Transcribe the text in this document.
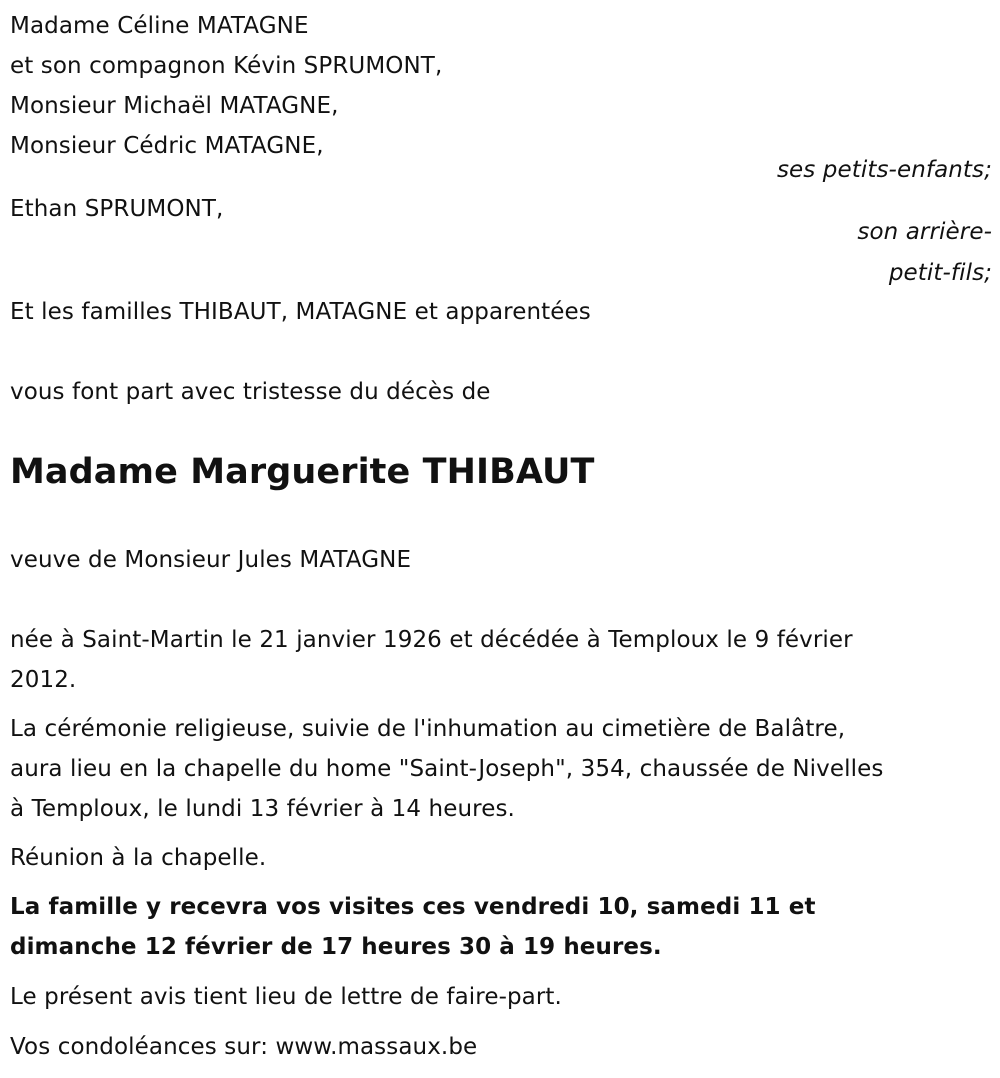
Madame Céline MATAGNE
et son compagnon Kévin SPRUMONT,
Monsieur Michaël MATAGNE,
Monsieur Cédric MATAGNE,
ses petits-enfants;
Ethan SPRUMONT,
son arrière-
petit-fils;
Et les familles THIBAUT, MATAGNE et apparentées
vous font part avec tristesse du décès de
Madame Marguerite THIBAUT
veuve de Monsieur Jules MATAGNE
née à Saint-Martin le 21 janvier 1926 et décédée à Temploux le 9 février
2012.
La cérémonie religieuse, suivie de l'inhumation au cimetière de Balâtre,
aura lieu en la chapelle du home "Saint-Joseph", 354, chaussée de Nivelles
à Temploux, le lundi 13 février à 14 heures.
Réunion à la chapelle.
La famille y recevra vos visites ces vendredi 10, samedi 11 et
dimanche 12 février de 17 heures 30 à 19 heures.
Le présent avis tient lieu de lettre de faire-part.
Vos condoléances sur: www.massaux.be
